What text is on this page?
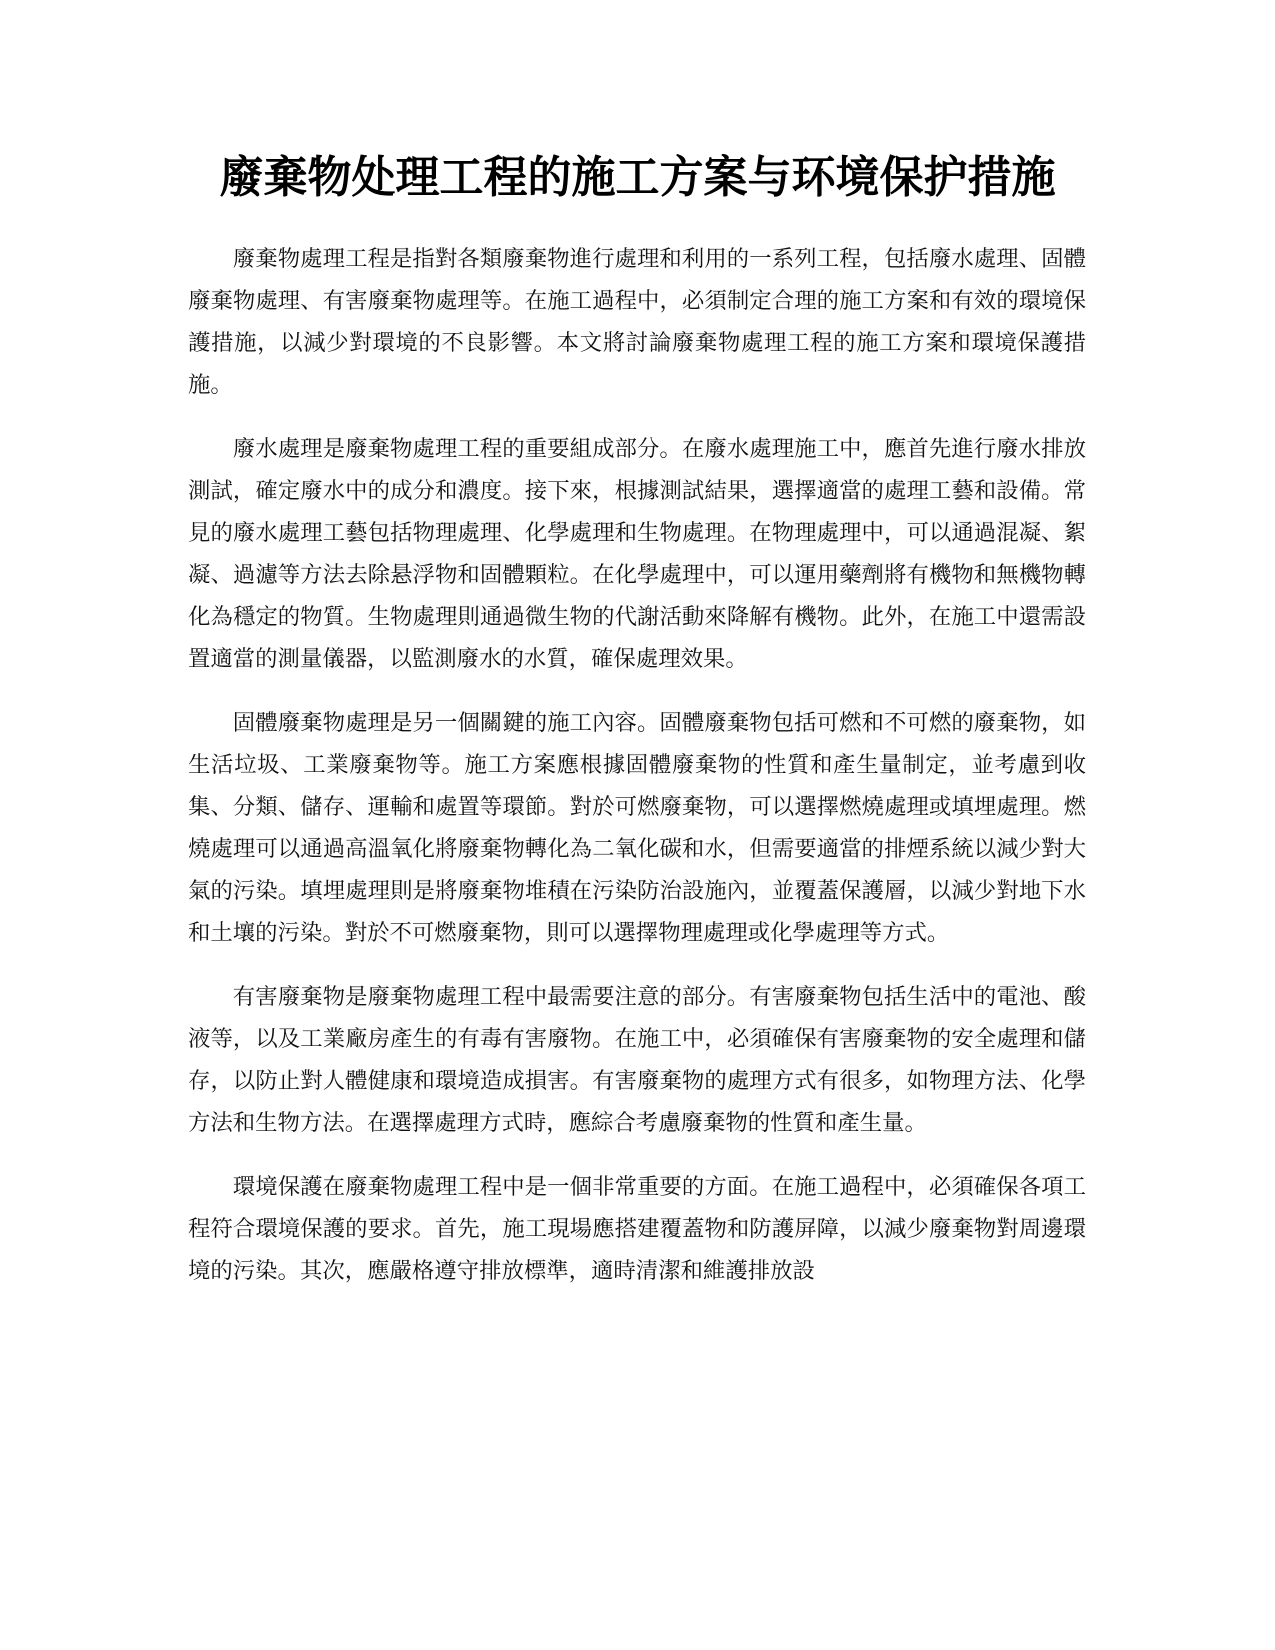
廢棄物处理工程的施工方案与环境保护措施

廢棄物處理工程是指對各類廢棄物進行處理和利用的一系列工程，包括廢水處理、固體廢棄物處理、有害廢棄物處理等。在施工過程中，必須制定合理的施工方案和有效的環境保護措施，以減少對環境的不良影響。本文將討論廢棄物處理工程的施工方案和環境保護措施。

廢水處理是廢棄物處理工程的重要組成部分。在廢水處理施工中，應首先進行廢水排放測試，確定廢水中的成分和濃度。接下來，根據測試結果，選擇適當的處理工藝和設備。常見的廢水處理工藝包括物理處理、化學處理和生物處理。在物理處理中，可以通過混凝、絮凝、過濾等方法去除悬浮物和固體顆粒。在化學處理中，可以運用藥劑將有機物和無機物轉化為穩定的物質。生物處理則通過微生物的代謝活動來降解有機物。此外，在施工中還需設置適當的測量儀器，以監測廢水的水質，確保處理效果。

固體廢棄物處理是另一個關鍵的施工內容。固體廢棄物包括可燃和不可燃的廢棄物，如生活垃圾、工業廢棄物等。施工方案應根據固體廢棄物的性質和產生量制定，並考慮到收集、分類、儲存、運輸和處置等環節。對於可燃廢棄物，可以選擇燃燒處理或填埋處理。燃燒處理可以通過高溫氧化將廢棄物轉化為二氧化碳和水，但需要適當的排煙系統以減少對大氣的污染。填埋處理則是將廢棄物堆積在污染防治設施內，並覆蓋保護層，以減少對地下水和土壤的污染。對於不可燃廢棄物，則可以選擇物理處理或化學處理等方式。

有害廢棄物是廢棄物處理工程中最需要注意的部分。有害廢棄物包括生活中的電池、酸液等，以及工業廠房產生的有毒有害廢物。在施工中，必須確保有害廢棄物的安全處理和儲存，以防止對人體健康和環境造成損害。有害廢棄物的處理方式有很多，如物理方法、化學方法和生物方法。在選擇處理方式時，應綜合考慮廢棄物的性質和產生量。

環境保護在廢棄物處理工程中是一個非常重要的方面。在施工過程中，必須確保各項工程符合環境保護的要求。首先，施工現場應搭建覆蓋物和防護屏障，以減少廢棄物對周邊環境的污染。其次，應嚴格遵守排放標準，適時清潔和維護排放設
